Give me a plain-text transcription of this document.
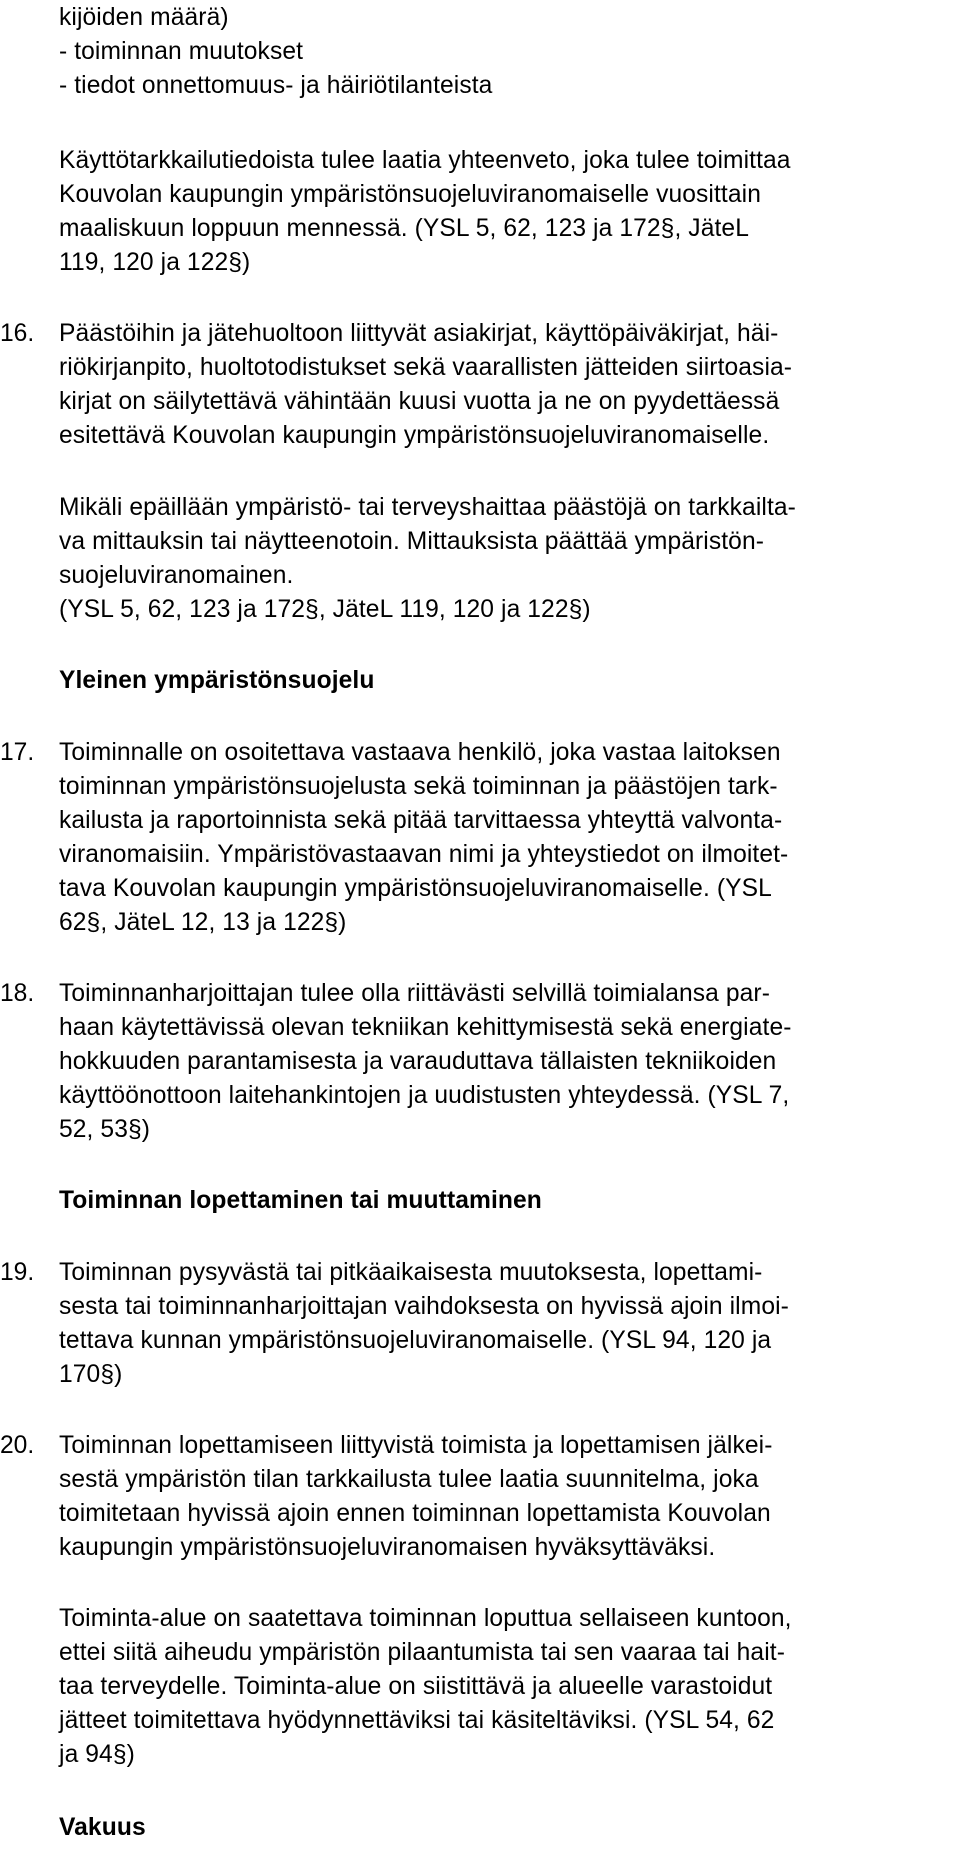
kijöiden määrä)
- toiminnan muutokset
- tiedot onnettomuus- ja häiriötilanteista
Käyttötarkkailutiedoista tulee laatia yhteenveto, joka tulee toimittaa
Kouvolan kaupungin ympäristönsuojeluviranomaiselle vuosittain
maaliskuun loppuun mennessä. (YSL 5, 62, 123 ja 172§, JäteL
119, 120 ja 122§)
16. Päästöihin ja jätehuoltoon liittyvät asiakirjat, käyttöpäiväkirjat, häi-
riökirjanpito, huoltotodistukset sekä vaarallisten jätteiden siirtoasia-
kirjat on säilytettävä vähintään kuusi vuotta ja ne on pyydettäessä
esitettävä Kouvolan kaupungin ympäristönsuojeluviranomaiselle.
Mikäli epäillään ympäristö- tai terveyshaittaa päästöjä on tarkkailta-
va mittauksin tai näytteenotoin. Mittauksista päättää ympäristön-
suojeluviranomainen.
(YSL 5, 62, 123 ja 172§, JäteL 119, 120 ja 122§)
Yleinen ympäristönsuojelu
17. Toiminnalle on osoitettava vastaava henkilö, joka vastaa laitoksen
toiminnan ympäristönsuojelusta sekä toiminnan ja päästöjen tark-
kailusta ja raportoinnista sekä pitää tarvittaessa yhteyttä valvonta-
viranomaisiin. Ympäristövastaavan nimi ja yhteystiedot on ilmoitet-
tava Kouvolan kaupungin ympäristönsuojeluviranomaiselle. (YSL
62§, JäteL 12, 13 ja 122§)
18. Toiminnanharjoittajan tulee olla riittävästi selvillä toimialansa par-
haan käytettävissä olevan tekniikan kehittymisestä sekä energiate-
hokkuuden parantamisesta ja varauduttava tällaisten tekniikoiden
käyttöönottoon laitehankintojen ja uudistusten yhteydessä. (YSL 7,
52, 53§)
Toiminnan lopettaminen tai muuttaminen
19. Toiminnan pysyvästä tai pitkäaikaisesta muutoksesta, lopettami-
sesta tai toiminnanharjoittajan vaihdoksesta on hyvissä ajoin ilmoi-
tettava kunnan ympäristönsuojeluviranomaiselle. (YSL 94, 120 ja
170§)
20. Toiminnan lopettamiseen liittyvistä toimista ja lopettamisen jälkei-
sestä ympäristön tilan tarkkailusta tulee laatia suunnitelma, joka
toimitetaan hyvissä ajoin ennen toiminnan lopettamista Kouvolan
kaupungin ympäristönsuojeluviranomaisen hyväksyttäväksi.
Toiminta-alue on saatettava toiminnan loputtua sellaiseen kuntoon,
ettei siitä aiheudu ympäristön pilaantumista tai sen vaaraa tai hait-
taa terveydelle. Toiminta-alue on siistittävä ja alueelle varastoidut
jätteet toimitettava hyödynnettäviksi tai käsiteltäviksi. (YSL 54, 62
ja 94§)
Vakuus
